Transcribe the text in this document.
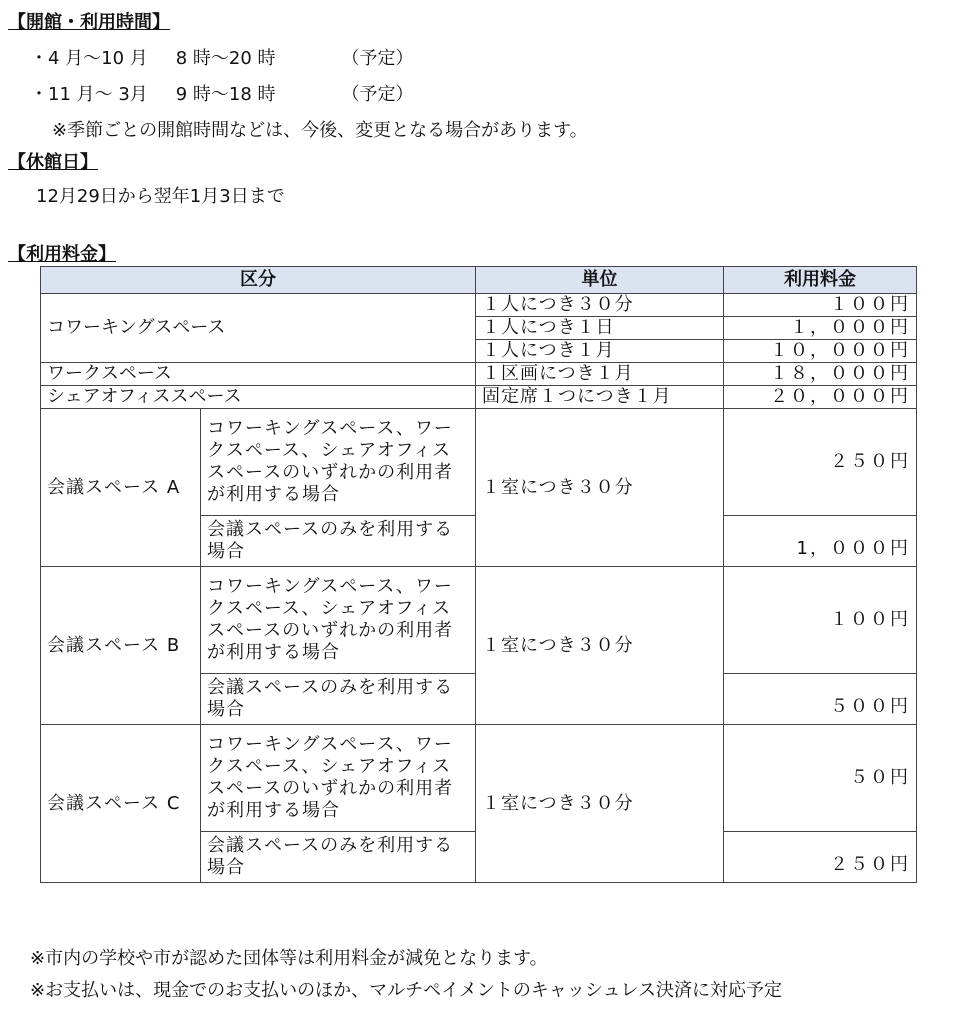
【開館・利用時間】
・4 月～10 月 8 時～20 時	（予定）
・11 月～ 3月 9 時～18 時	（予定）
※季節ごとの開館時間などは、今後、変更となる場合があります。
【休館日】
12月29日から翌年1月3日まで
【利用料金】
区分		単位	利用料金
コワーキングスペース		１人につき３０分	１００円
		１人につき１日	１，０００円
		１人につき１月	１０，０００円
ワークスペース		１区画につき１月	１８，０００円
シェアオフィススペース		固定席１つにつき１月	２０，０００円
会議スペース A	コワーキングスペース、ワークスペース、シェアオフィススペースのいずれかの利用者が利用する場合	１室につき３０分	２５０円
	会議スペースのみを利用する場合		1，０００円
会議スペース B	コワーキングスペース、ワークスペース、シェアオフィススペースのいずれかの利用者が利用する場合	１室につき３０分	１００円
	会議スペースのみを利用する場合		５００円
会議スペース C	コワーキングスペース、ワークスペース、シェアオフィススペースのいずれかの利用者が利用する場合	１室につき３０分	５０円
	会議スペースのみを利用する場合		２５０円
※市内の学校や市が認めた団体等は利用料金が減免となります。
※お支払いは、現金でのお支払いのほか、マルチペイメントのキャッシュレス決済に対応予定
